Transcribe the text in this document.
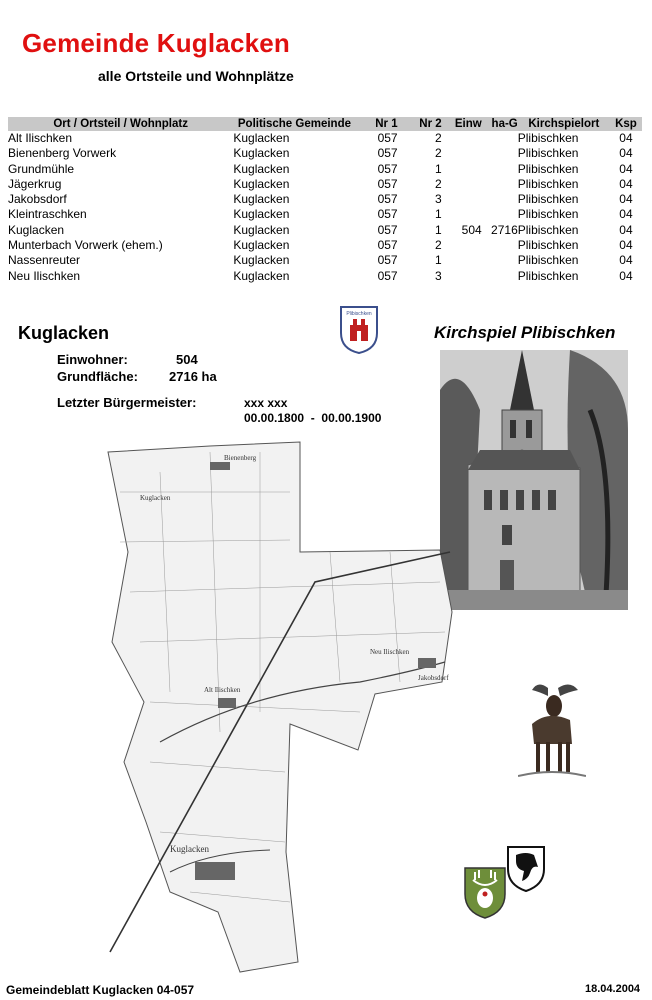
Gemeinde Kuglacken
alle Ortsteile und Wohnplätze
Ort / Ortsteil / Wohnplatz	Politische Gemeinde	Nr 1	Nr 2	Einw	ha-G	Kirchspielort	Ksp
Alt Ilischken	Kuglacken	057	2			Plibischken	04
Bienenberg Vorwerk	Kuglacken	057	2			Plibischken	04
Grundmühle	Kuglacken	057	1			Plibischken	04
Jägerkrug	Kuglacken	057	2			Plibischken	04
Jakobsdorf	Kuglacken	057	3			Plibischken	04
Kleintraschken	Kuglacken	057	1			Plibischken	04
Kuglacken	Kuglacken	057	1	504	2716	Plibischken	04
Munterbach Vorwerk (ehem.)	Kuglacken	057	2			Plibischken	04
Nassenreuter	Kuglacken	057	1			Plibischken	04
Neu Ilischken	Kuglacken	057	3			Plibischken	04
Kuglacken	Kirchspiel Plibischken
Einwohner:	504
Grundfläche: 2716 ha
Letzter Bürgermeister:	xxx xxx
00.00.1800  -  00.00.1900
Plibischken
Bienenberg
Kuglacken
Alt Ilischken
Neu Ilischken
Jakobsdorf
Kuglacken
Gemeindeblatt Kuglacken 04-057	18.04.2004
